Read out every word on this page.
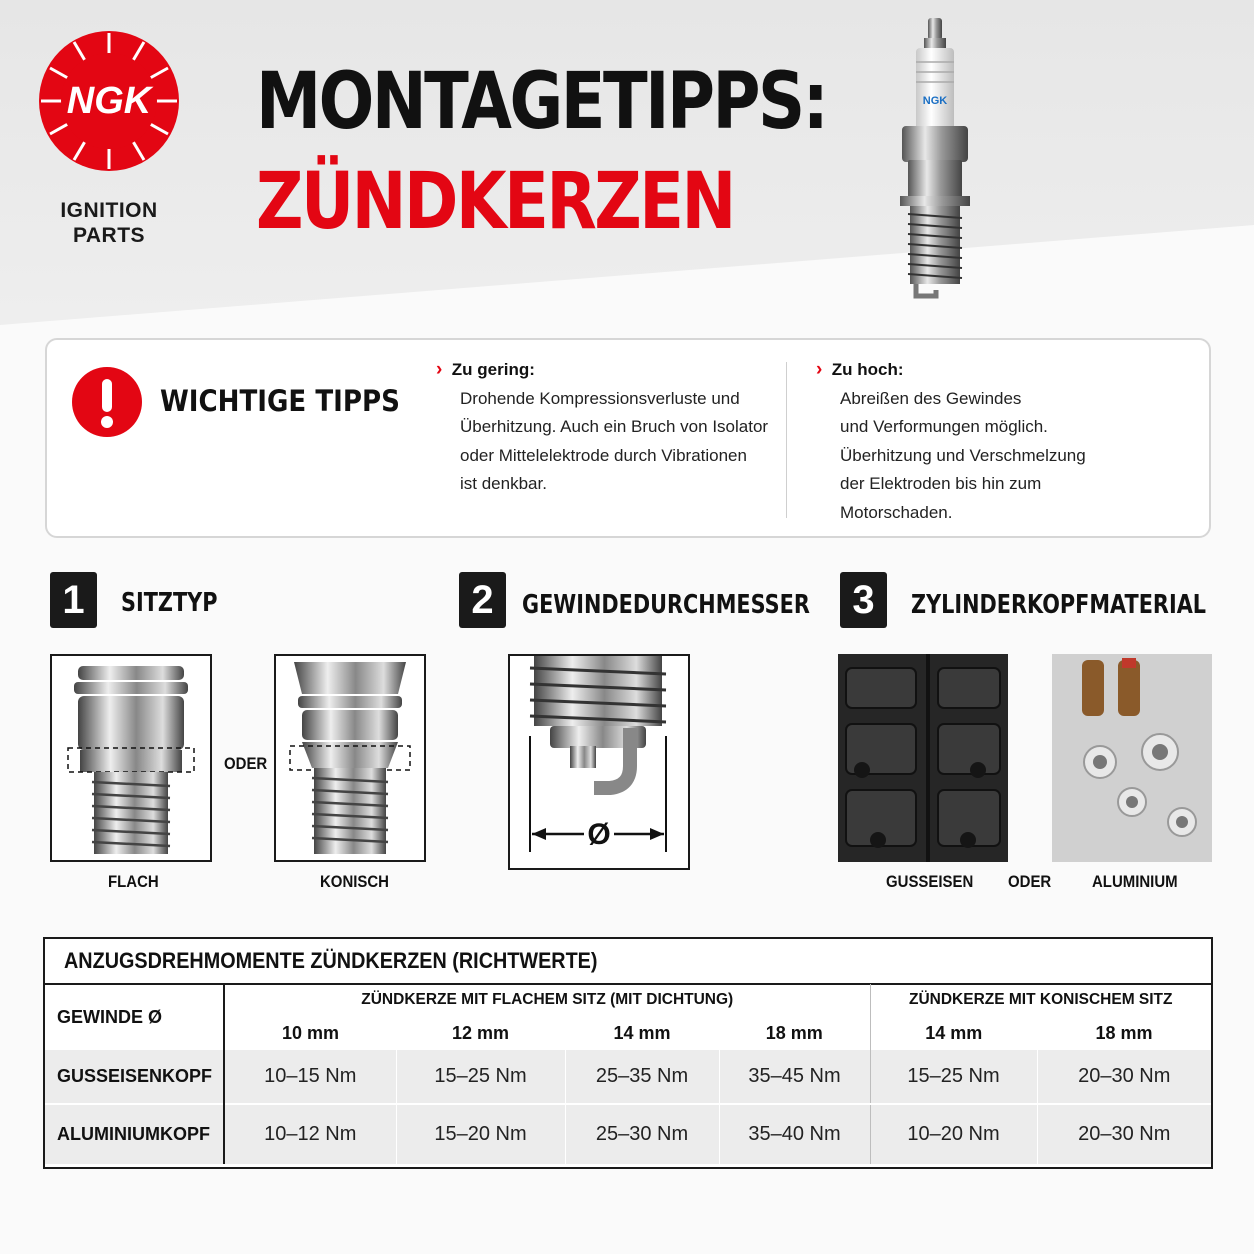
NGK
IGNITION
PARTS
MONTAGETIPPS:
ZÜNDKERZEN
NGK
WICHTIGE TIPPS
› Zu gering:
Drohende Kompressionsverluste und
Überhitzung. Auch ein Bruch von Isolator
oder Mittelelektrode durch Vibrationen
ist denkbar.
› Zu hoch:
Abreißen des Gewindes
und Verformungen möglich.
Überhitzung und Verschmelzung
der Elektroden bis hin zum
Motorschaden.
1	SITZTYP
ODER
FLACH	KONISCH
2	GEWINDEDURCHMESSER
Ø
3	ZYLINDERKOPFMATERIAL
ODER
GUSSEISEN	ALUMINIUM
ANZUGSDREHMOMENTE ZÜNDKERZEN (RICHTWERTE)
GEWINDE Ø	ZÜNDKERZE MIT FLACHEM SITZ (MIT DICHTUNG)				ZÜNDKERZE MIT KONISCHEM SITZ	
	10 mm	12 mm	14 mm	18 mm	14 mm	18 mm
GUSSEISENKOPF	10–15 Nm	15–25 Nm	25–35 Nm	35–45 Nm	15–25 Nm	20–30 Nm
ALUMINIUMKOPF	10–12 Nm	15–20 Nm	25–30 Nm	35–40 Nm	10–20 Nm	20–30 Nm
